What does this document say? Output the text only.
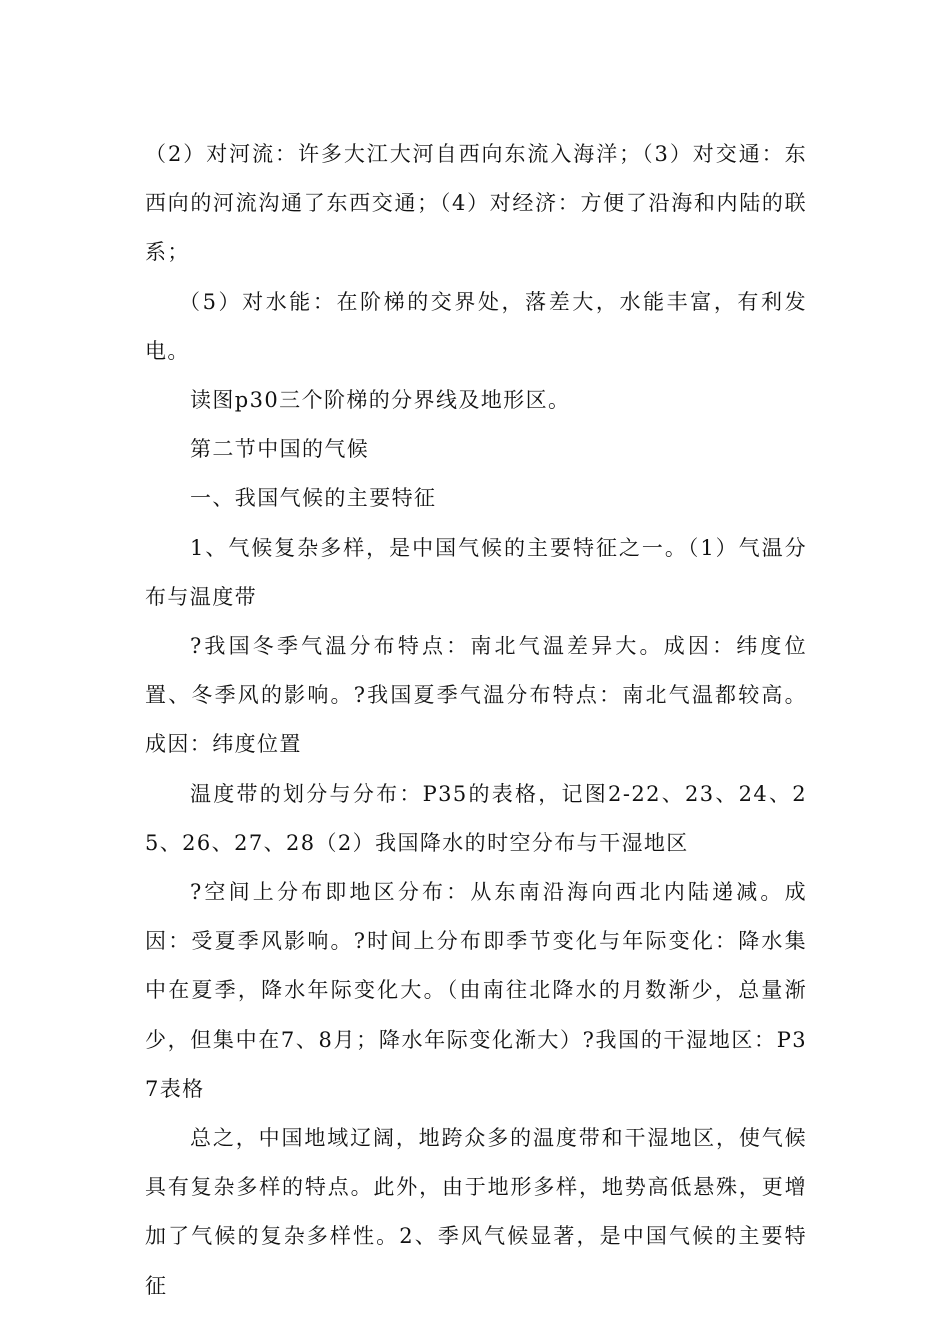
（2）对河流：许多大江大河自西向东流入海洋；（3）对交通：东西向的河流沟通了东西交通；（4）对经济：方便了沿海和内陆的联系；

（5）对水能：在阶梯的交界处，落差大，水能丰富，有利发电。

读图p30三个阶梯的分界线及地形区。

第二节中国的气候

一、我国气候的主要特征

1、气候复杂多样，是中国气候的主要特征之一。（1）气温分布与温度带

?我国冬季气温分布特点：南北气温差异大。成因：纬度位置、冬季风的影响。?我国夏季气温分布特点：南北气温都较高。成因：纬度位置

温度带的划分与分布：P35的表格，记图2-22、23、24、25、26、27、28（2）我国降水的时空分布与干湿地区

?空间上分布即地区分布：从东南沿海向西北内陆递减。成因：受夏季风影响。?时间上分布即季节变化与年际变化：降水集中在夏季，降水年际变化大。（由南往北降水的月数渐少，总量渐少，但集中在7、8月；降水年际变化渐大）?我国的干湿地区：P37表格

总之，中国地域辽阔，地跨众多的温度带和干湿地区，使气候具有复杂多样的特点。此外，由于地形多样，地势高低悬殊，更增加了气候的复杂多样性。2、季风气候显著，是中国气候的主要特征
